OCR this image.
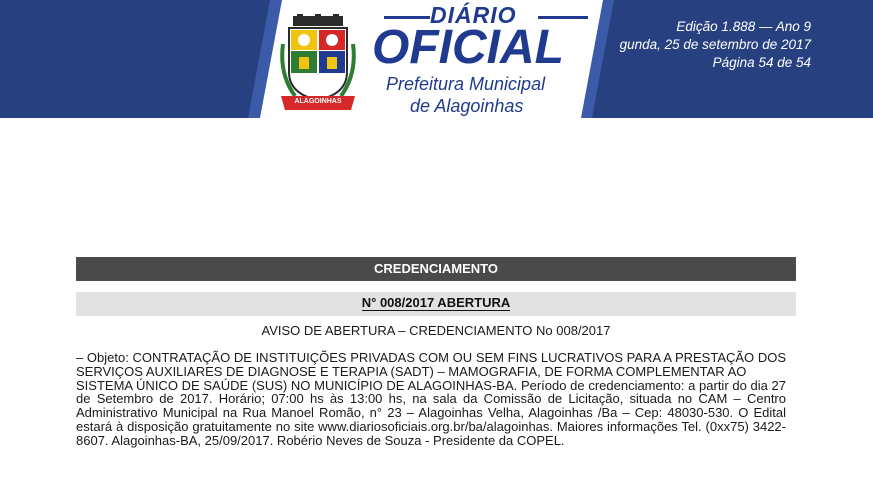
ALAGOINHAS
DIÁRIO
OFICIAL
Prefeitura Municipal
de Alagoinhas
Edição 1.888 — Ano 9
gunda, 25 de setembro de 2017
Página 54 de 54
CREDENCIAMENTO
N° 008/2017 ABERTURA
AVISO DE ABERTURA – CREDENCIAMENTO No 008/2017

– Objeto: CONTRATAÇÃO DE INSTITUIÇÕES PRIVADAS COM OU SEM FINS LUCRATIVOS PARA A PRESTAÇÃO DOS SERVIÇOS AUXILIARES DE DIAGNOSE E TERAPIA (SADT) – MAMOGRAFIA, DE FORMA COMPLEMENTAR AO

SISTEMA ÚNICO DE SAÚDE (SUS) NO MUNICÍPIO DE ALAGOINHAS-BA. Período de credenciamento: a partir do dia 27 de Setembro de 2017. Horário; 07:00 hs às 13:00 hs, na sala da Comissão de Licitação, situada no CAM – Centro Administrativo Municipal na Rua Manoel Romão, n° 23 – Alagoinhas Velha, Alagoinhas /Ba – Cep: 48030-530. O Edital estará à disposição gratuitamente no site www.diariosoficiais.org.br/ba/alagoinhas. Maiores informações Tel. (0xx75) 3422-8607. Alagoinhas-BA, 25/09/2017. Robério Neves de Souza - Presidente da COPEL.
